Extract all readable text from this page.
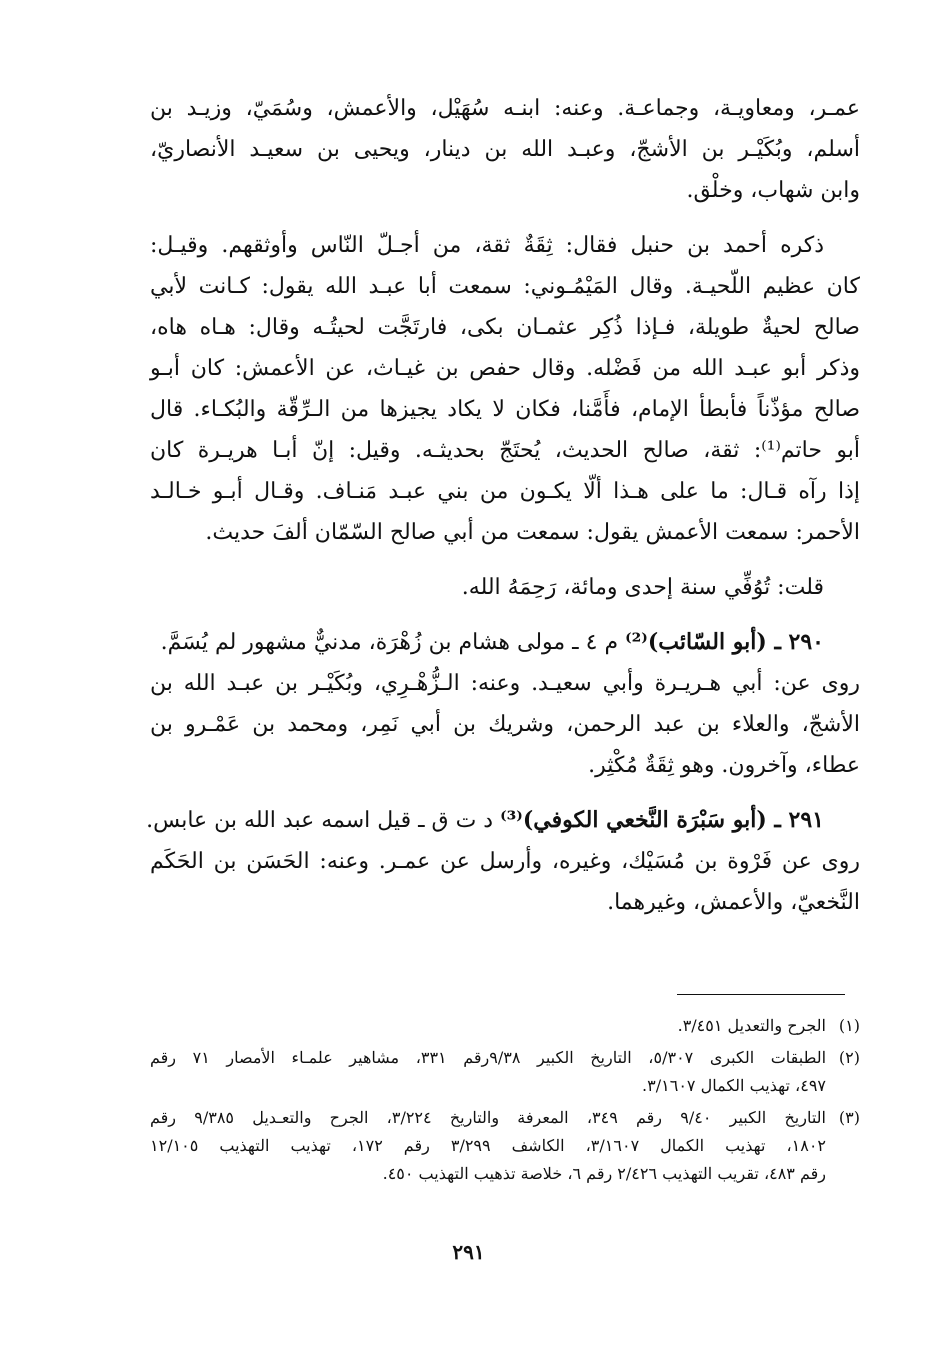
عمـر، ومعاويـة، وجماعـة. وعنه: ابنـه سُهَيْل، والأعمش، وسُمَيّ، وزيـد بن
أسلم، وبُكَيْـر بن الأشجّ، وعبـد الله بن دينار، ويحيى بن سعيـد الأنصاريّ،
وابن شهاب، وخلْق.
ذكره أحمد بن حنبل فقال: ثِقَةٌ ثقة، من أجـلّ النّاس وأوثقهم. وقيـل:
كان عظيم اللّحيـة. وقال المَيْمُـوني: سمعت أبا عبـد الله يقول: كـانت لأبي
صالح لحيةٌ طويلة، فـإذا ذُكِر عثمـان بكى، فارتَجَّت لحيتُـه وقال: هـاه هاه،
وذكر أبو عبـد الله من فَضْله. وقال حفص بن غيـاث، عن الأعمش: كان أبـو
صالح مؤذّناً فأبطأ الإمام، فأَمَّنا، فكان لا يكاد يجيزها من الـرِّقّة والبُكـاء. قال
أبو حاتم⁽¹⁾: ثقة، صالح الحديث، يُحتَجّ بحديثـه. وقيل: إنّ أبـا هريـرة كان
إذا رآه قـال: ما على هـذا ألّا يكـون من بني عبـد مَنـاف. وقـال أبـو خـالـد
الأحمر: سمعت الأعمش يقول: سمعت من أبي صالح السّمّان ألفَ حديث.
قلت: تُوُفِّي سنة إحدى ومائة، رَحِمَهُ الله.
٢٩٠ ـ (أبو السّائب)⁽²⁾ م ٤ ـ مولى هشام بن زُهْرَة، مدنيٌّ مشهور لم يُسَمَّ.
روى عن: أبي هـريـرة وأبي سعيـد. وعنه: الـزُّهْـرِي، وبُكَيْـر بن عبـد الله بن
الأشجّ، والعلاء بن عبد الرحمن، وشريك بن أبي نَمِر، ومحمد بن عَمْـرو بن
عطاء، وآخرون. وهو ثِقَةٌ مُكْثِر.
٢٩١ ـ (أبو سَبْرَة النَّخعي الكوفي)⁽³⁾ د ت ق ـ قيل اسمه عبد الله بن عابس.
روى عن فَرْوة بن مُسَيْك، وغيره، وأرسل عن عمـر. وعنه: الحَسَن بن الحَكَم
النَّخعيّ، والأعمش، وغيرهما.
(١)
الجرح والتعديل ٣/٤٥١.
(٢)
الطبقات الكبرى ٥/٣٠٧، التاريخ الكبير ٩/٣٨رقم ٣٣١، مشاهير علمـاء الأمصار ٧١ رقم
٤٩٧، تهذيب الكمال ٣/١٦٠٧.
(٣)
التاريخ الكبير ٩/٤٠ رقم ٣٤٩، المعرفة والتاريخ ٣/٢٢٤، الجرح والتعـديل ٩/٣٨٥ رقم
١٨٠٢، تهذيب الكمال ٣/١٦٠٧، الكاشف ٣/٢٩٩ رقم ١٧٢، تهذيب التهذيب ١٢/١٠٥
رقم ٤٨٣، تقريب التهذيب ٢/٤٢٦ رقم ٦، خلاصة تذهيب التهذيب ٤٥٠.
٢٩١
